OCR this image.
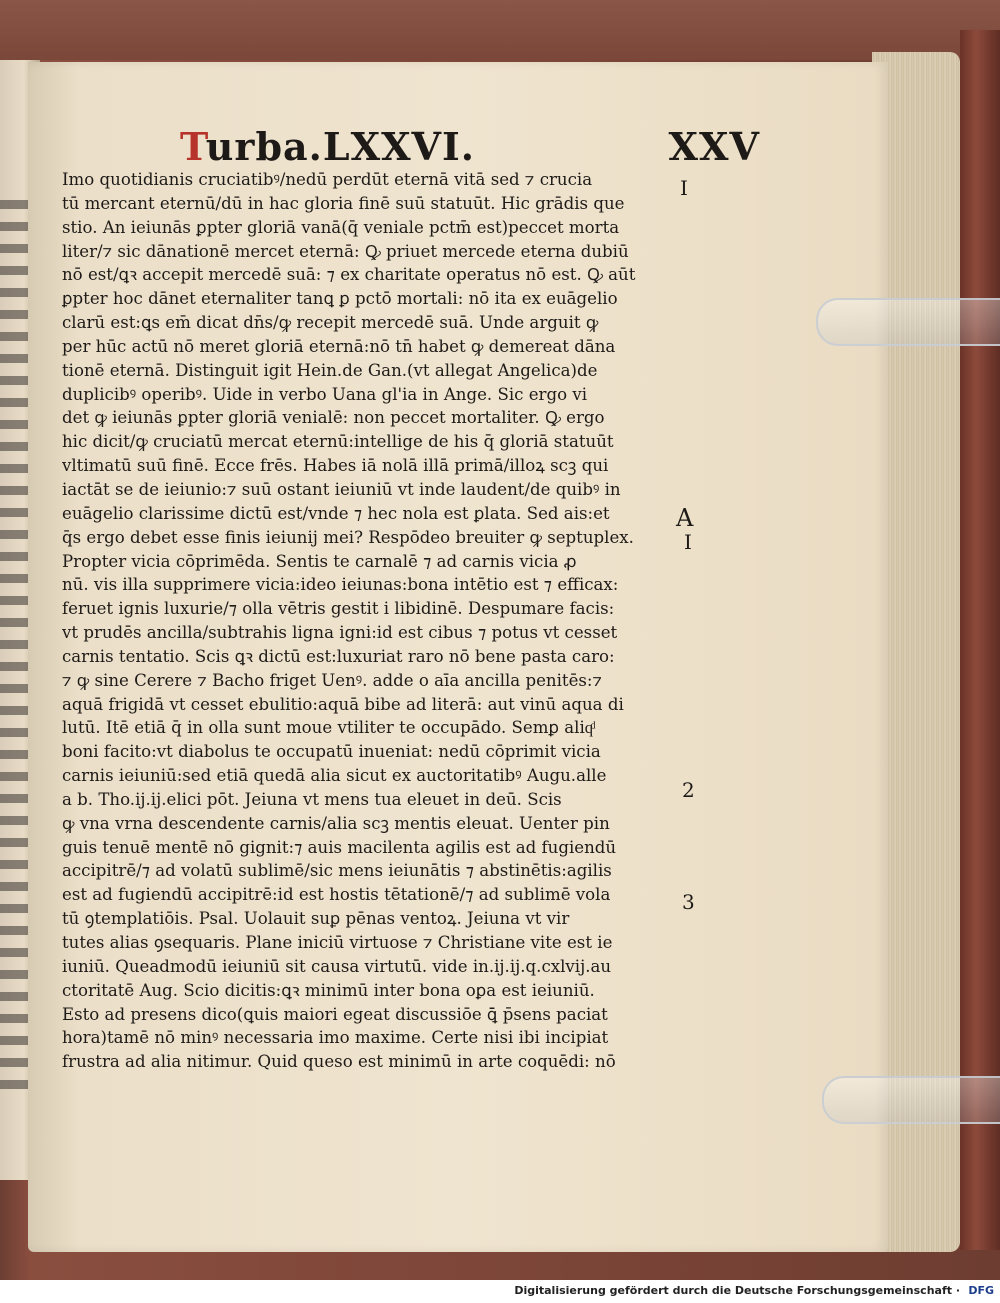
Turba.LXXVI.	XXV
Imo quotidianis cruciatibꝰ/nedū perdūt eternā vitā sed ⁊ crucia
tū mercant eternū/dū in hac gloria finē suū statuūt. Hic grādis que
stio. An ieiunās ꝑpter gloriā vanā(q̄ veniale pctm̄ est)peccet morta
liter/⁊ sic dānationē mercet eternā: Ꝙ priuet mercede eterna dubiū
nō est/ꝗꝛ accepit mercedē suā: ⁊ ex charitate operatus nō est. Ꝙ aūt
ꝑpter hoc dānet eternaliter tanꝗ ꝑ pctō mortali: nō ita ex euāgelio
clarū est:ꝗs em̄ dicat dn̄s/ꝙ recepit mercedē suā. Unde arguit ꝙ
per hūc actū nō meret gloriā eternā:nō tn̄ habet ꝙ demereat dāna
tionē eternā. Distinguit igit Hein.de Gan.(vt allegat Angelica)de
duplicibꝰ operibꝰ. Uide in verbo Uana gl'ia in Ange. Sic ergo vi
det ꝙ ieiunās ꝑpter gloriā venialē: non peccet mortaliter. Ꝙ ergo
hic dicit/ꝙ cruciatū mercat eternū:intellige de his q̄ gloriā statuūt
vltimatū suū finē. Ecce frēs. Habes iā nolā illā primā/illoꝝ scꝫ qui
iactāt se de ieiunio:⁊ suū ostant ieiuniū vt inde laudent/de quibꝰ in
euāgelio clarissime dictū est/vnde ⁊ hec nola est ꝑlata. Sed ais:et
q̄s ergo debet esse finis ieiunij mei? Respōdeo breuiter ꝙ septuplex.
Propter vicia cōprimēda. Sentis te carnalē ⁊ ad carnis vicia ꝓ
nū. vis illa supprimere vicia:ideo ieiunas:bona intētio est ⁊ efficax:
feruet ignis luxurie/⁊ olla vētris gestit i libidinē. Despumare facis:
vt prudēs ancilla/subtrahis ligna igni:id est cibus ⁊ potus vt cesset
carnis tentatio. Scis ꝗꝛ dictū est:luxuriat raro nō bene pasta caro:
⁊ ꝙ sine Cerere ⁊ Bacho friget Uenꝰ. adde o aīa ancilla penitēs:⁊
aquā frigidā vt cesset ebulitio:aquā bibe ad literā: aut vinū aqua di
lutū. Itē etiā q̄ in olla sunt moue vtiliter te occupādo. Semꝑ aliqͩ
boni facito:vt diabolus te occupatū inueniat: nedū cōprimit vicia
carnis ieiuniū:sed etiā quedā alia sicut ex auctoritatibꝰ Augu.alle
a b. Tho.ij.ij.elici pōt. Jeiuna vt mens tua eleuet in deū. Scis
ꝙ vna vrna descendente carnis/alia scꝫ mentis eleuat. Uenter pin
guis tenuē mentē nō gignit:⁊ auis macilenta agilis est ad fugiendū
accipitrē/⁊ ad volatū sublimē/sic mens ieiunātis ⁊ abstinētis:agilis
est ad fugiendū accipitrē:id est hostis tētationē/⁊ ad sublimē vola
tū ꝯtemplatiōis. Psal. Uolauit suꝑ pēnas ventoꝝ. Jeiuna vt vir
tutes alias ꝯsequaris. Plane iniciū virtuose ⁊ Christiane vite est ie
iuniū. Queadmodū ieiuniū sit causa virtutū. vide in.ij.ij.q.cxlvij.au
ctoritatē Aug. Scio dicitis:ꝗꝛ minimū inter bona oꝑa est ieiuniū.
Esto ad presens dico(ꝗuis maiori egeat discussiōe ꝗ̄ p̄sens paciat
hora)tamē nō minꝰ necessaria imo maxime. Certe nisi ibi incipiat
frustra ad alia nitimur. Quid queso est minimū in arte coquēdi: nō
I
A
I
2
3
Digitalisierung gefördert durch die Deutsche Forschungsgemeinschaft · DFG
